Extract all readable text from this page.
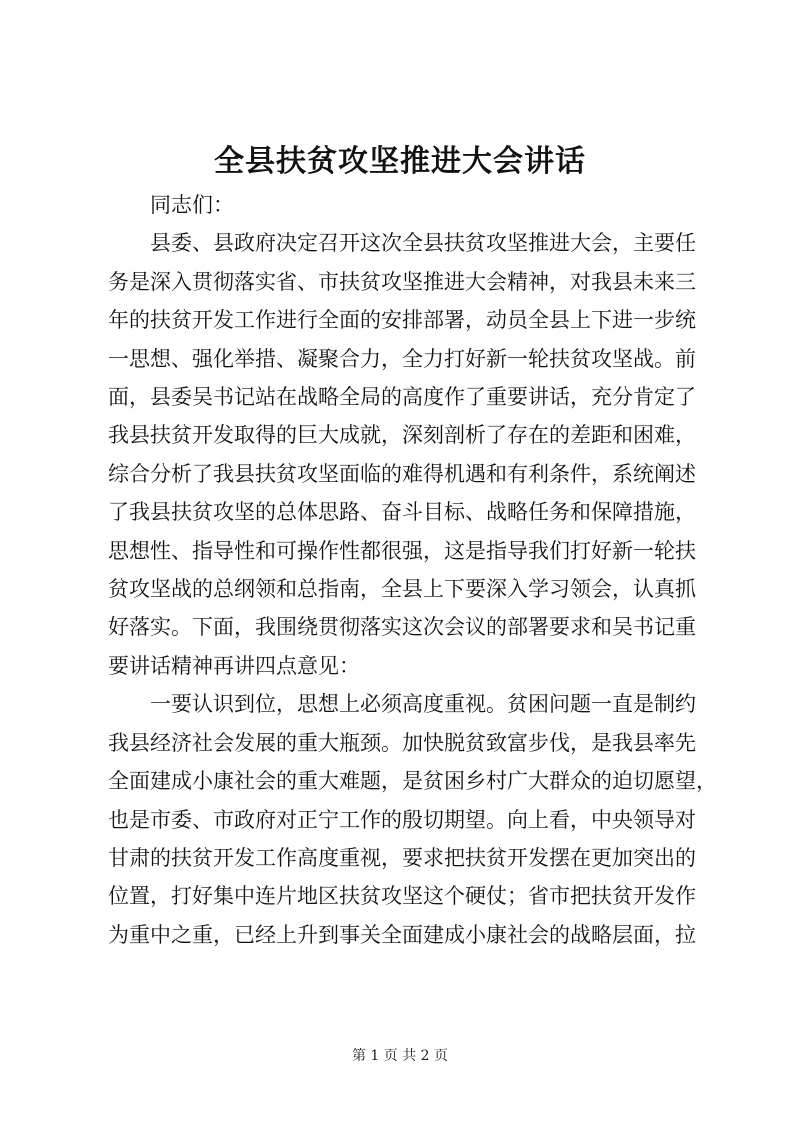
全县扶贫攻坚推进大会讲话

同志们：

县委、县政府决定召开这次全县扶贫攻坚推进大会，主要任

务是深入贯彻落实省、市扶贫攻坚推进大会精神，对我县未来三

年的扶贫开发工作进行全面的安排部署，动员全县上下进一步统

一思想、强化举措、凝聚合力，全力打好新一轮扶贫攻坚战。前

面，县委吴书记站在战略全局的高度作了重要讲话，充分肯定了

我县扶贫开发取得的巨大成就，深刻剖析了存在的差距和困难，

综合分析了我县扶贫攻坚面临的难得机遇和有利条件，系统阐述

了我县扶贫攻坚的总体思路、奋斗目标、战略任务和保障措施，

思想性、指导性和可操作性都很强，这是指导我们打好新一轮扶

贫攻坚战的总纲领和总指南，全县上下要深入学习领会，认真抓

好落实。下面，我围绕贯彻落实这次会议的部署要求和吴书记重

要讲话精神再讲四点意见：

一要认识到位，思想上必须高度重视。贫困问题一直是制约

我县经济社会发展的重大瓶颈。加快脱贫致富步伐，是我县率先

全面建成小康社会的重大难题，是贫困乡村广大群众的迫切愿望，

也是市委、市政府对正宁工作的殷切期望。向上看，中央领导对

甘肃的扶贫开发工作高度重视，要求把扶贫开发摆在更加突出的

位置，打好集中连片地区扶贫攻坚这个硬仗；省市把扶贫开发作

为重中之重，已经上升到事关全面建成小康社会的战略层面，拉

第 1 页 共 2 页
